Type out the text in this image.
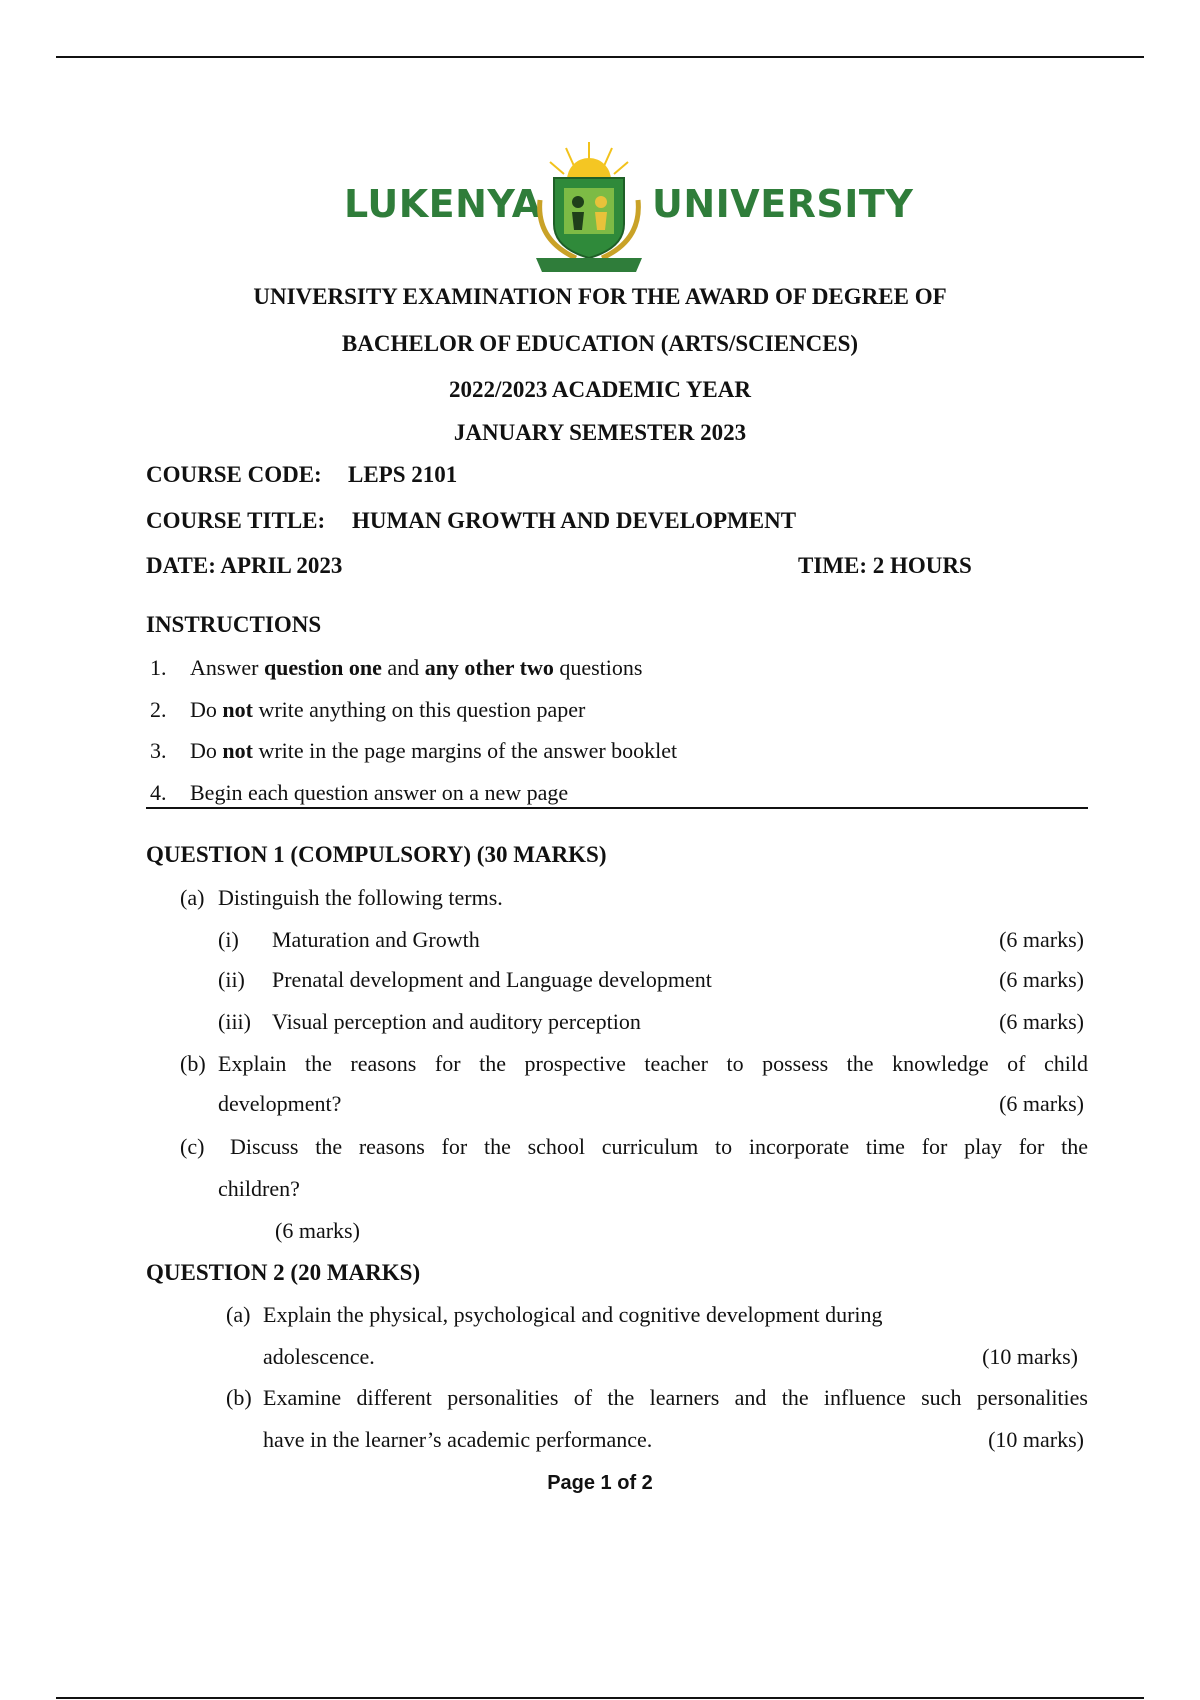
LUKENYA	UNIVERSITY
UNIVERSITY EXAMINATION FOR THE AWARD OF DEGREE OF
BACHELOR OF EDUCATION (ARTS/SCIENCES)
2022/2023 ACADEMIC YEAR
JANUARY SEMESTER 2023
COURSE CODE: LEPS 2101
COURSE TITLE: HUMAN GROWTH AND DEVELOPMENT
DATE: APRIL 2023	TIME: 2 HOURS
INSTRUCTIONS
1. Answer question one and any other two questions
2. Do not write anything on this question paper
3. Do not write in the page margins of the answer booklet
4. Begin each question answer on a new page
QUESTION 1 (COMPULSORY) (30 MARKS)
(a) Distinguish the following terms.
(i) Maturation and Growth	(6 marks)
(ii) Prenatal development and Language development	(6 marks)
(iii) Visual perception and auditory perception	(6 marks)
(b) Explain the reasons for the prospective teacher to possess the knowledge of child
development?	(6 marks)
(c) Discuss the reasons for the school curriculum to incorporate time for play for the
children?
(6 marks)
QUESTION 2 (20 MARKS)
(a) Explain the physical, psychological and cognitive development during
adolescence.	(10 marks)
(b) Examine different personalities of the learners and the influence such personalities
have in the learner’s academic performance.	(10 marks)
Page 1 of 2
